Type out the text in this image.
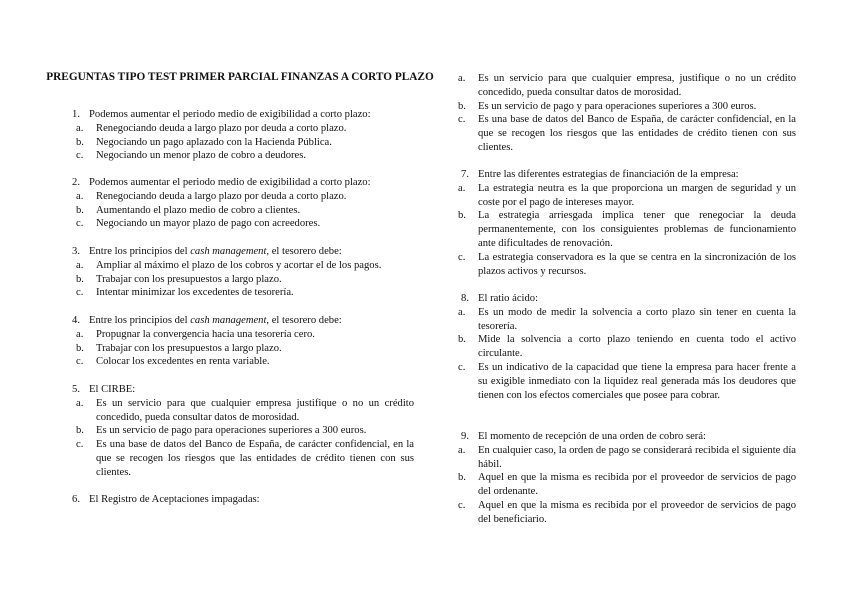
PREGUNTAS TIPO TEST PRIMER PARCIAL FINANZAS A CORTO PLAZO
1. Podemos aumentar el periodo medio de exigibilidad a corto plazo:
a.	Renegociando deuda a largo plazo por deuda a corto plazo.
b.	Negociando un pago aplazado con la Hacienda Pública.
c.	Negociando un menor plazo de cobro a deudores.
2. Podemos aumentar el periodo medio de exigibilidad a corto plazo:
a.	Renegociando deuda a largo plazo por deuda a corto plazo.
b.	Aumentando el plazo medio de cobro a clientes.
c.	Negociando un mayor plazo de pago con acreedores.
3. Entre los principios del cash management, el tesorero debe:
a.	Ampliar al máximo el plazo de los cobros y acortar el de los pagos.
b.	Trabajar con los presupuestos a largo plazo.
c.	Intentar minimizar los excedentes de tesorería.
4. Entre los principios del cash management, el tesorero debe:
a.	Propugnar la convergencia hacia una tesorería cero.
b.	Trabajar con los presupuestos a largo plazo.
c.	Colocar los excedentes en renta variable.
5. El CIRBE:
a.	Es un servicio para que cualquier empresa justifique o no un crédito concedido, pueda consultar datos de morosidad.
b.	Es un servicio de pago para operaciones superiores a 300 euros.
c.	Es una base de datos del Banco de España, de carácter confidencial, en la que se recogen los riesgos que las entidades de crédito tienen con sus clientes.
6. El Registro de Aceptaciones impagadas:
a.	Es un servicio para que cualquier empresa, justifique o no un crédito concedido, pueda consultar datos de morosidad.
b.	Es un servicio de pago y para operaciones superiores a 300 euros.
c.	Es una base de datos del Banco de España, de carácter confidencial, en la que se recogen los riesgos que las entidades de crédito tienen con sus clientes.
7. Entre las diferentes estrategias de financiación de la empresa:
a.	La estrategia neutra es la que proporciona un margen de seguridad y un coste por el pago de intereses mayor.
b.	La estrategia arriesgada implica tener que renegociar la deuda permanentemente, con los consiguientes problemas de funcionamiento ante dificultades de renovación.
c.	La estrategia conservadora es la que se centra en la sincronización de los plazos activos y recursos.
8. El ratio ácido:
a.	Es un modo de medir la solvencia a corto plazo sin tener en cuenta la tesorería.
b.	Mide la solvencia a corto plazo teniendo en cuenta todo el activo circulante.
c.	Es un indicativo de la capacidad que tiene la empresa para hacer frente a su exigible inmediato con la liquidez real generada más los deudores que tienen con los efectos comerciales que posee para cobrar.
9. El momento de recepción de una orden de cobro será:
a.	En cualquier caso, la orden de pago se considerará recibida el siguiente día hábil.
b.	Aquel en que la misma es recibida por el proveedor de servicios de pago del ordenante.
c.	Aquel en que la misma es recibida por el proveedor de servicios de pago del beneficiario.
